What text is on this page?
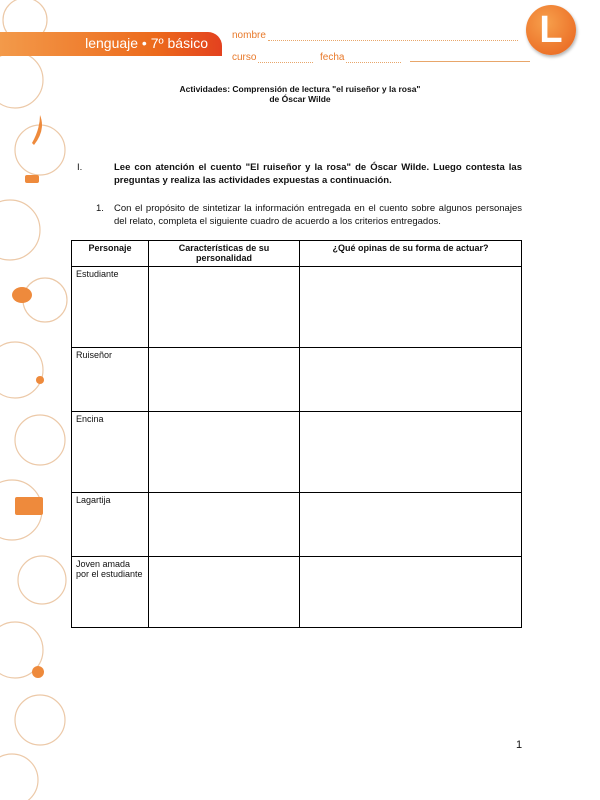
lenguaje • 7º básico nombre
curso	fecha
L
Actividades: Comprensión de lectura "el ruiseñor y la rosa"
de Óscar Wilde
I.	Lee con atención el cuento "El ruiseñor y la rosa" de Óscar Wilde. Luego contesta las preguntas y realiza las actividades expuestas a continuación.
1. Con el propósito de sintetizar la información entregada en el cuento sobre algunos personajes del relato, completa el siguiente cuadro de acuerdo a los criterios entregados.
Personaje	Características de su personalidad	¿Qué opinas de su forma de actuar?
Estudiante		
Ruiseñor		
Encina		
Lagartija		
Joven amada por el estudiante		
1
